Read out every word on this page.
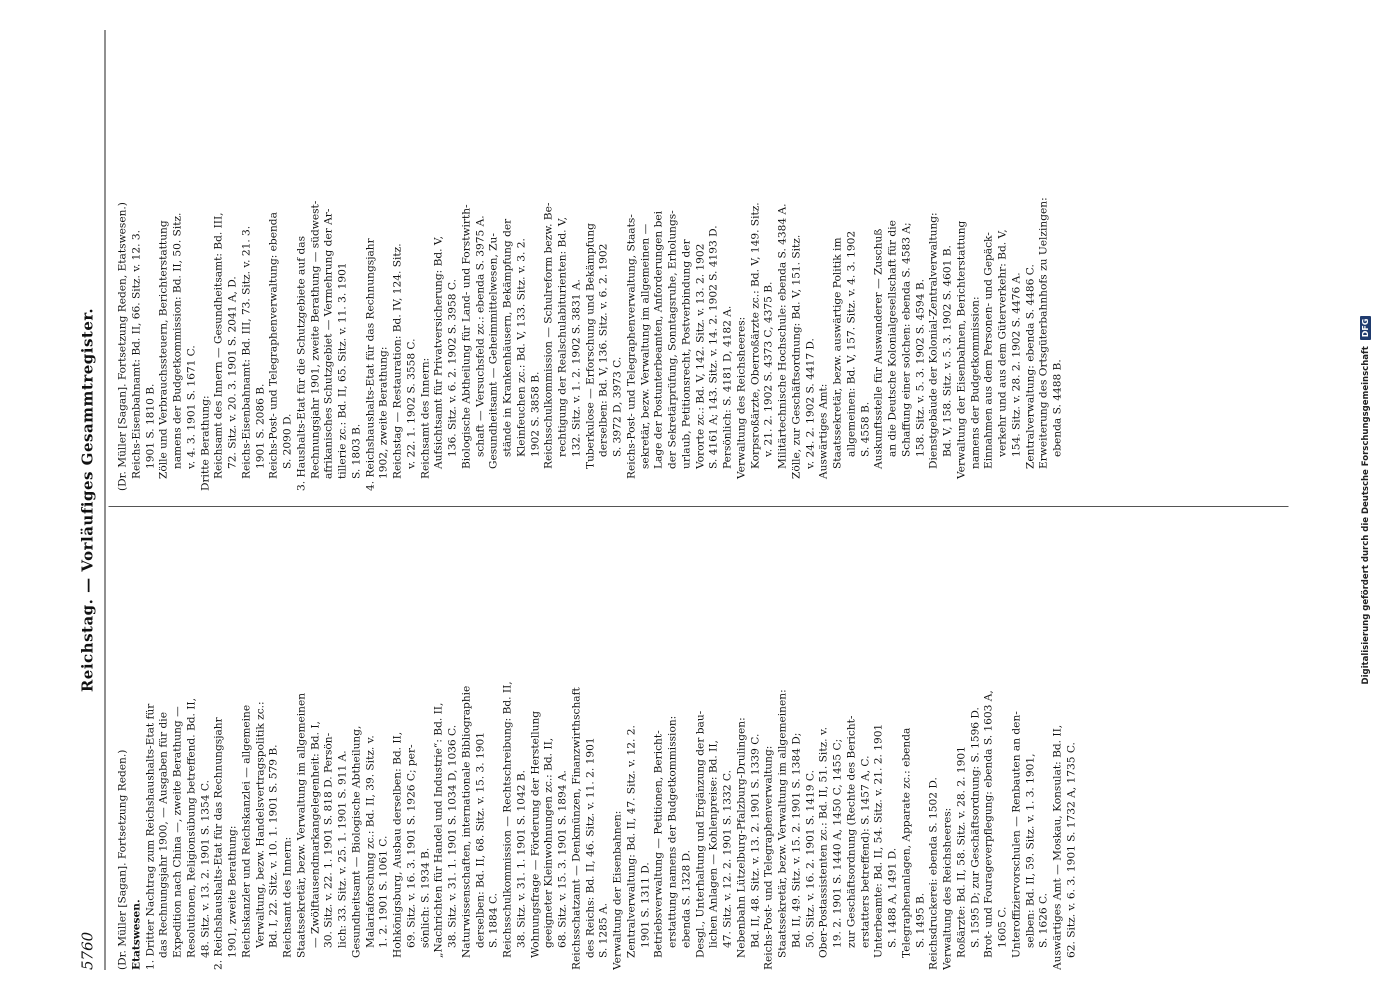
5760
Reichstag. — Vorläufiges Gesammtregister.
(Dr. Müller [Sagan]. Fortsetzung Reden.) Etatswesen. 1. Dritter Nachtrag zum Reichshaushalts-Etat für das Rechnungsjahr 1900, — Ausgaben für die Expedition nach China —, zweite Berathung — Resolutionen, Religionsübung betreffend. Bd. II, 48. Sitz. v. 13. 2. 1901 S. 1354 C. 2. Reichshaushalts-Etat für das Rechnungsjahr 1901, zweite Berathung: Reichskanzler und Reichskanzlei — allgemeine Verwaltung, bezw. Handelsvertragspolitik zc.: Bd. I, 22. Sitz. v. 10. 1. 1901 S. 579 B. Reichsamt des Innern: Staatssekretär, bezw. Verwaltung im allgemeinen — Zwölftausendmarkangelegenheit: Bd. I, 30. Sitz. v. 22. 1. 1901 S. 818 D. Persön- lich: 33. Sitz. v. 25. 1. 1901 S. 911 A. Gesundheitsamt — Biologische Abtheilung, Malariaforschung zc.: Bd. II, 39. Sitz. v. 1. 2. 1901 S. 1061 C. Hohkönigsburg, Ausbau derselben: Bd. II, 69. Sitz. v. 16. 3. 1901 S. 1926 C; per- sönlich: S. 1934 B. „Nachrichten für Handel und Industrie“: Bd. II, 38. Sitz. v. 31. 1. 1901 S. 1034 D, 1036 C. Naturwissenschaften, internationale Bibliographie derselben: Bd. II, 68. Sitz. v. 15. 3. 1901 S. 1884 C. Reichsschulkommission — Rechtschreibung: Bd. II, 38. Sitz. v. 31. 1. 1901 S. 1042 B. Wohnungsfrage — Förderung der Herstellung geeigneter Kleinwohnungen zc.: Bd. II, 68. Sitz. v. 15. 3. 1901 S. 1894 A. Reichsschatzamt — Denkmünzen, Finanzwirthschaft des Reichs: Bd. II, 46. Sitz. v. 11. 2. 1901 S. 1285 A. Verwaltung der Eisenbahnen: Zentralverwaltung: Bd. II, 47. Sitz. v. 12. 2. 1901 S. 1311 D. Betriebsverwaltung — Petitionen, Bericht- erstattung namens der Budgetkommission: ebenda S. 1328 D. Desgl., Unterhaltung und Ergänzung der bau- lichen Anlagen — Kohlenpreise: Bd. II, 47. Sitz. v. 12. 2. 1901 S. 1332 C. Nebenbahn Lützelburg-Pfalzburg-Drulingen: Bd. II, 48. Sitz. v. 13. 2. 1901 S. 1339 C. Reichs-Post- und Telegraphenverwaltung: Staatssekretär, bezw. Verwaltung im allgemeinen: Bd. II, 49. Sitz. v. 15. 2. 1901 S. 1384 D; 50. Sitz. v. 16. 2. 1901 S. 1419 C. Ober-Postassistenten zc.: Bd. II, 51. Sitz. v. 19. 2. 1901 S. 1440 A, 1450 C, 1455 C; zur Geschäftsordnung (Rechte des Bericht- erstatters betreffend): S. 1457 A, C. Unterbeamte: Bd. II, 54. Sitz. v. 21. 2. 1901 S. 1488 A, 1491 D. Telegraphenanlagen, Apparate zc.: ebenda S. 1495 B. Reichsdruckerei: ebenda S. 1502 D. Verwaltung des Reichsheeres: Roßärzte: Bd. II, 58. Sitz. v. 28. 2. 1901 S. 1595 D; zur Geschäftsordnung: S. 1596 D. Brot- und Fourageverpflegung: ebenda S. 1603 A, 1605 C. Unteroffiziervorschulen — Renbauten an den- selben: Bd. II, 59. Sitz. v. 1. 3. 1901, S. 1626 C. Auswärtiges Amt — Moskau, Konsulat: Bd. II, 62. Sitz. v. 6. 3. 1901 S. 1732 A, 1735 C.
(Dr. Müller [Sagan]. Fortsetzung Reden, Etatswesen.) Reichs-Eisenbahnamt: Bd. II, 66. Sitz. v. 12. 3. 1901 S. 1810 B. Zölle und Verbrauchssteuern, Berichterstattung namens der Budgetkommission: Bd. II, 50. Sitz. v. 4. 3. 1901 S. 1671 C. Dritte Berathung: Reichsamt des Innern — Gesundheitsamt: Bd. III, 72. Sitz. v. 20. 3. 1901 S. 2041 A, D. Reichs-Eisenbahnamt: Bd. III, 73. Sitz. v. 21. 3. 1901 S. 2086 B. Reichs-Post- und Telegraphenverwaltung: ebenda S. 2090 D. 3. Haushalts-Etat für die Schutzgebiete auf das Rechnungsjahr 1901, zweite Berathung — südwest- afrikanisches Schutzgebiet — Vermehrung der Ar- tillerie zc.: Bd. II, 65. Sitz. v. 11. 3. 1901 S. 1803 B. 4. Reichshaushalts-Etat für das Rechnungsjahr 1902, zweite Berathung: Reichstag — Restauration: Bd. IV, 124. Sitz. v. 22. 1. 1902 S. 3558 C. Reichsamt des Innern: Aufsichtsamt für Privatversicherung: Bd. V, 136. Sitz. v. 6. 2. 1902 S. 3958 C. Biologische Abtheilung für Land- und Forstwirth- schaft — Versuchsfeld zc.: ebenda S. 3975 A. Gesundheitsamt — Geheimmittelwesen, Zu- stände in Krankenhäusern, Bekämpfung der Kleinfeuchen zc.: Bd. V, 133. Sitz. v. 3. 2. 1902 S. 3858 B. Reichsschulkommission — Schulreform bezw. Be- rechtigung der Realschulabiturienten: Bd. V, 132. Sitz. v. 1. 2. 1902 S. 3831 A. Tuberkulose — Erforschung und Bekämpfung derselben: Bd. V, 136. Sitz. v. 6. 2. 1902 S. 3972 D, 3973 C. Reichs-Post- und Telegraphenverwaltung, Staats- sekretär, bezw. Verwaltung im allgemeinen — Lage der Postunterbeamten, Anforderungen bei der Sekretärprüfung, Sonntagsruhe, Erholungs- urlaub, Petitionsrecht, Postverbindung der Vororte zc.: Bd. V, 142. Sitz. v. 13. 2. 1902 S. 4161 A; 143. Sitz. v. 14. 2. 1902 S. 4193 D. Persönlich: S. 4181 D, 4182 A. Verwaltung des Reichsheeres: Korpsroßärzte, Oberroßärzte zc.: Bd. V, 149. Sitz. v. 21. 2. 1902 S. 4373 C, 4375 B. Militärtechnische Hochschule: ebenda S. 4384 A. Zölle, zur Geschäftsordnung: Bd. V, 151. Sitz. v. 24. 2. 1902 S. 4417 D. Auswärtiges Amt: Staatssekretär, bezw. auswärtige Politik im allgemeinen: Bd. V, 157. Sitz. v. 4. 3. 1902 S. 4558 B. Auskunftsstelle für Auswanderer — Zuschuß an die Deutsche Kolonialgesellschaft für die Schaffung einer solchen: ebenda S. 4583 A; 158. Sitz. v. 5. 3. 1902 S. 4594 B. Dienstgebäude der Kolonial-Zentralverwaltung: Bd. V, 158. Sitz. v. 5. 3. 1902 S. 4601 B. Verwaltung der Eisenbahnen, Berichterstattung namens der Budgetkommission: Einnahmen aus dem Personen- und Gepäck- verkehr und aus dem Güterverkehr: Bd. V, 154. Sitz. v. 28. 2. 1902 S. 4476 A. Zentralverwaltung: ebenda S. 4486 C. Erweiterung des Ortsgüterbahnhofs zu Uelzingen: ebenda S. 4488 B.	Digitalisierung gefördert durch die Deutsche ForschungsgemeinschaftDFG
